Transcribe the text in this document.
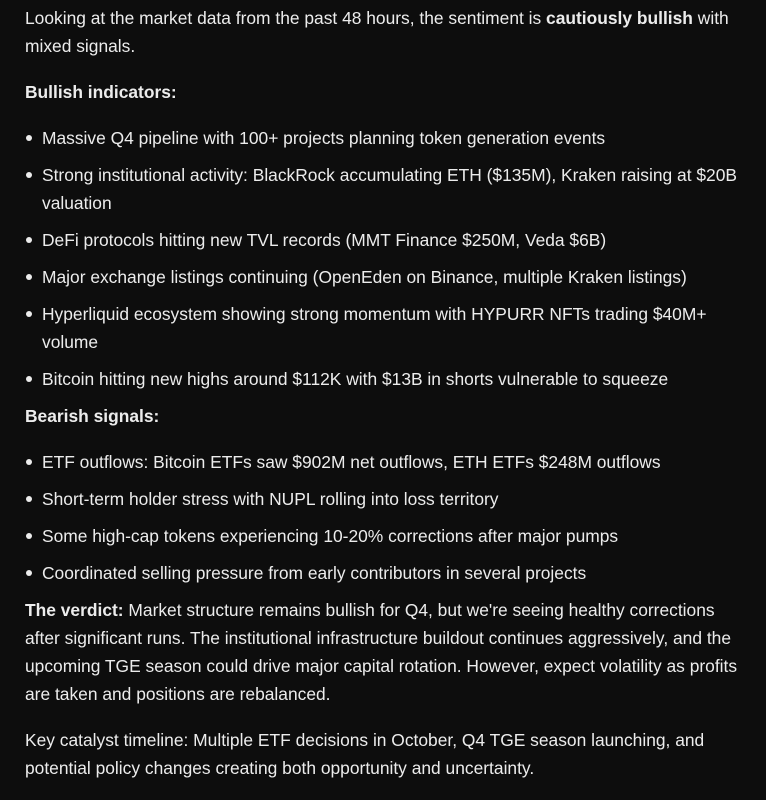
Looking at the market data from the past 48 hours, the sentiment is cautiously bullish with mixed signals.

Bullish indicators:

Massive Q4 pipeline with 100+ projects planning token generation events
Strong institutional activity: BlackRock accumulating ETH ($135M), Kraken raising at $20B valuation
DeFi protocols hitting new TVL records (MMT Finance $250M, Veda $6B)
Major exchange listings continuing (OpenEden on Binance, multiple Kraken listings)
Hyperliquid ecosystem showing strong momentum with HYPURR NFTs trading $40M+ volume
Bitcoin hitting new highs around $112K with $13B in shorts vulnerable to squeeze

Bearish signals:

ETF outflows: Bitcoin ETFs saw $902M net outflows, ETH ETFs $248M outflows
Short-term holder stress with NUPL rolling into loss territory
Some high-cap tokens experiencing 10-20% corrections after major pumps
Coordinated selling pressure from early contributors in several projects

The verdict: Market structure remains bullish for Q4, but we're seeing healthy corrections after significant runs. The institutional infrastructure buildout continues aggressively, and the upcoming TGE season could drive major capital rotation. However, expect volatility as profits are taken and positions are rebalanced.

Key catalyst timeline: Multiple ETF decisions in October, Q4 TGE season launching, and potential policy changes creating both opportunity and uncertainty.
